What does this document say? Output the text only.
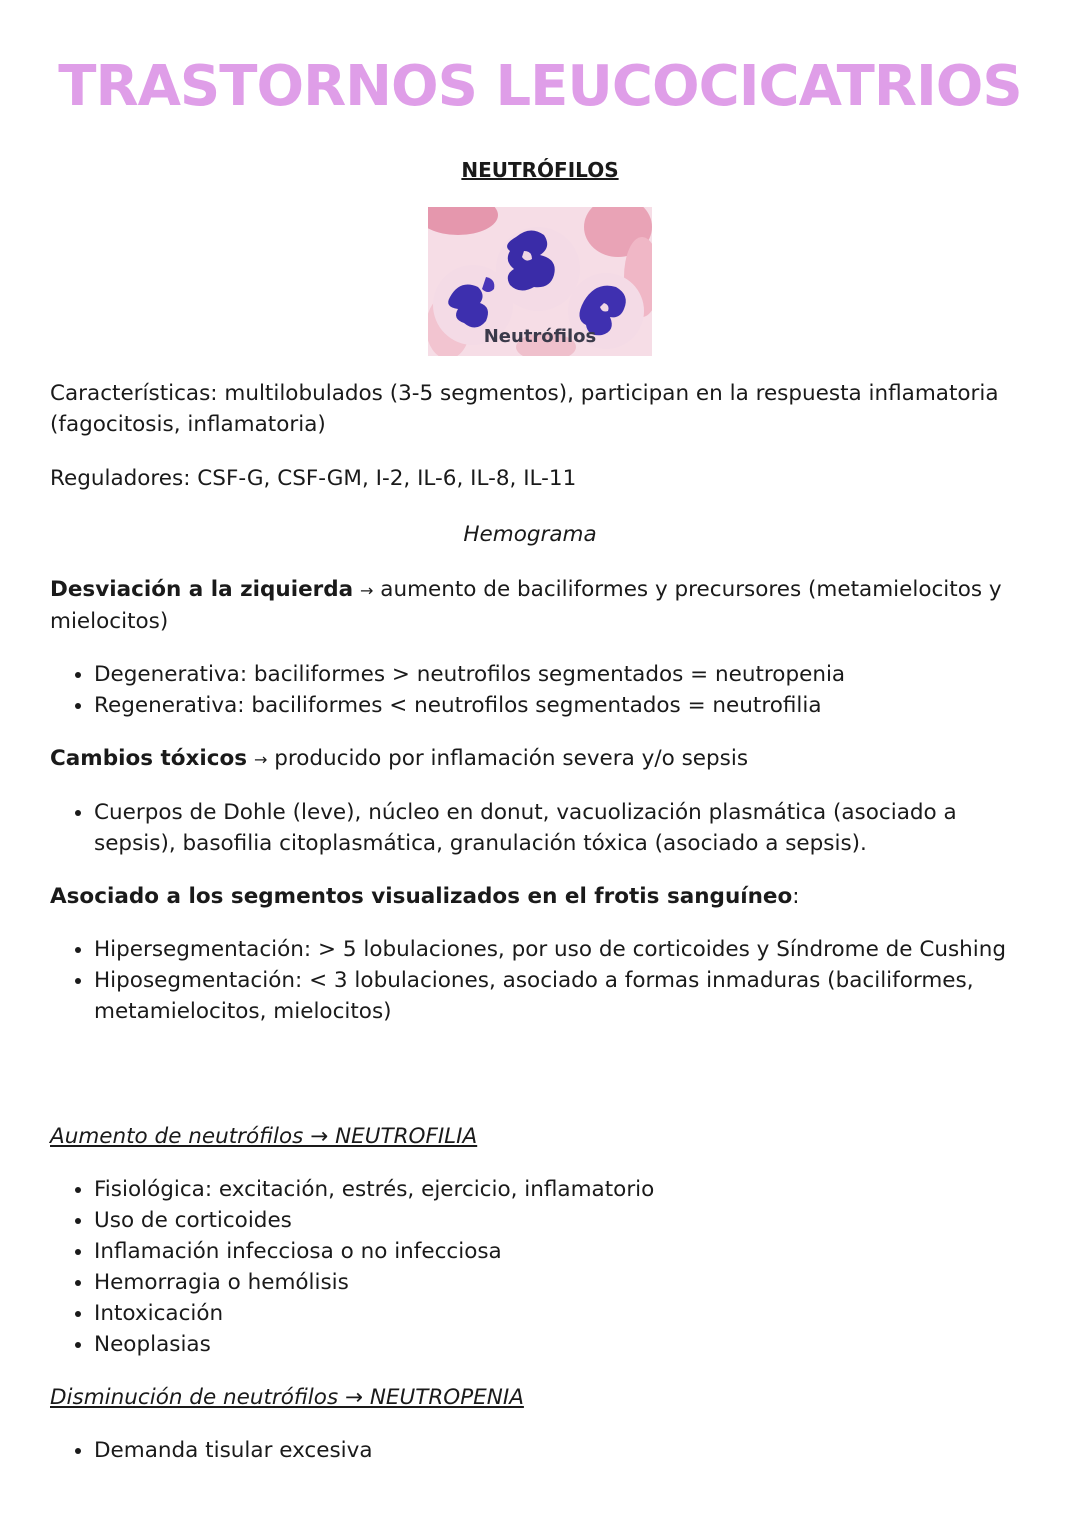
TRASTORNOS LEUCOCICATRIOS
NEUTRÓFILOS
Neutrófilos

Características: multilobulados (3-5 segmentos), participan en la respuesta inflamatoria (fagocitosis, inflamatoria)

Reguladores: CSF-G, CSF-GM, I-2, IL-6, IL-8, IL-11

Hemograma

Desviación a la ziquierda → aumento de baciliformes y precursores (metamielocitos y mielocitos)

• Degenerativa: baciliformes > neutrofilos segmentados = neutropenia
• Regenerativa: baciliformes < neutrofilos segmentados = neutrofilia

Cambios tóxicos → producido por inflamación severa y/o sepsis

• Cuerpos de Dohle (leve), núcleo en donut, vacuolización plasmática (asociado a sepsis), basofilia citoplasmática, granulación tóxica (asociado a sepsis).

Asociado a los segmentos visualizados en el frotis sanguíneo:

• Hipersegmentación: > 5 lobulaciones, por uso de corticoides y Síndrome de Cushing
• Hiposegmentación: < 3 lobulaciones, asociado a formas inmaduras (baciliformes, metamielocitos, mielocitos)

Aumento de neutrófilos → NEUTROFILIA

• Fisiológica: excitación, estrés, ejercicio, inflamatorio
• Uso de corticoides
• Inflamación infecciosa o no infecciosa
• Hemorragia o hemólisis
• Intoxicación
• Neoplasias

Disminución de neutrófilos → NEUTROPENIA

• Demanda tisular excesiva
